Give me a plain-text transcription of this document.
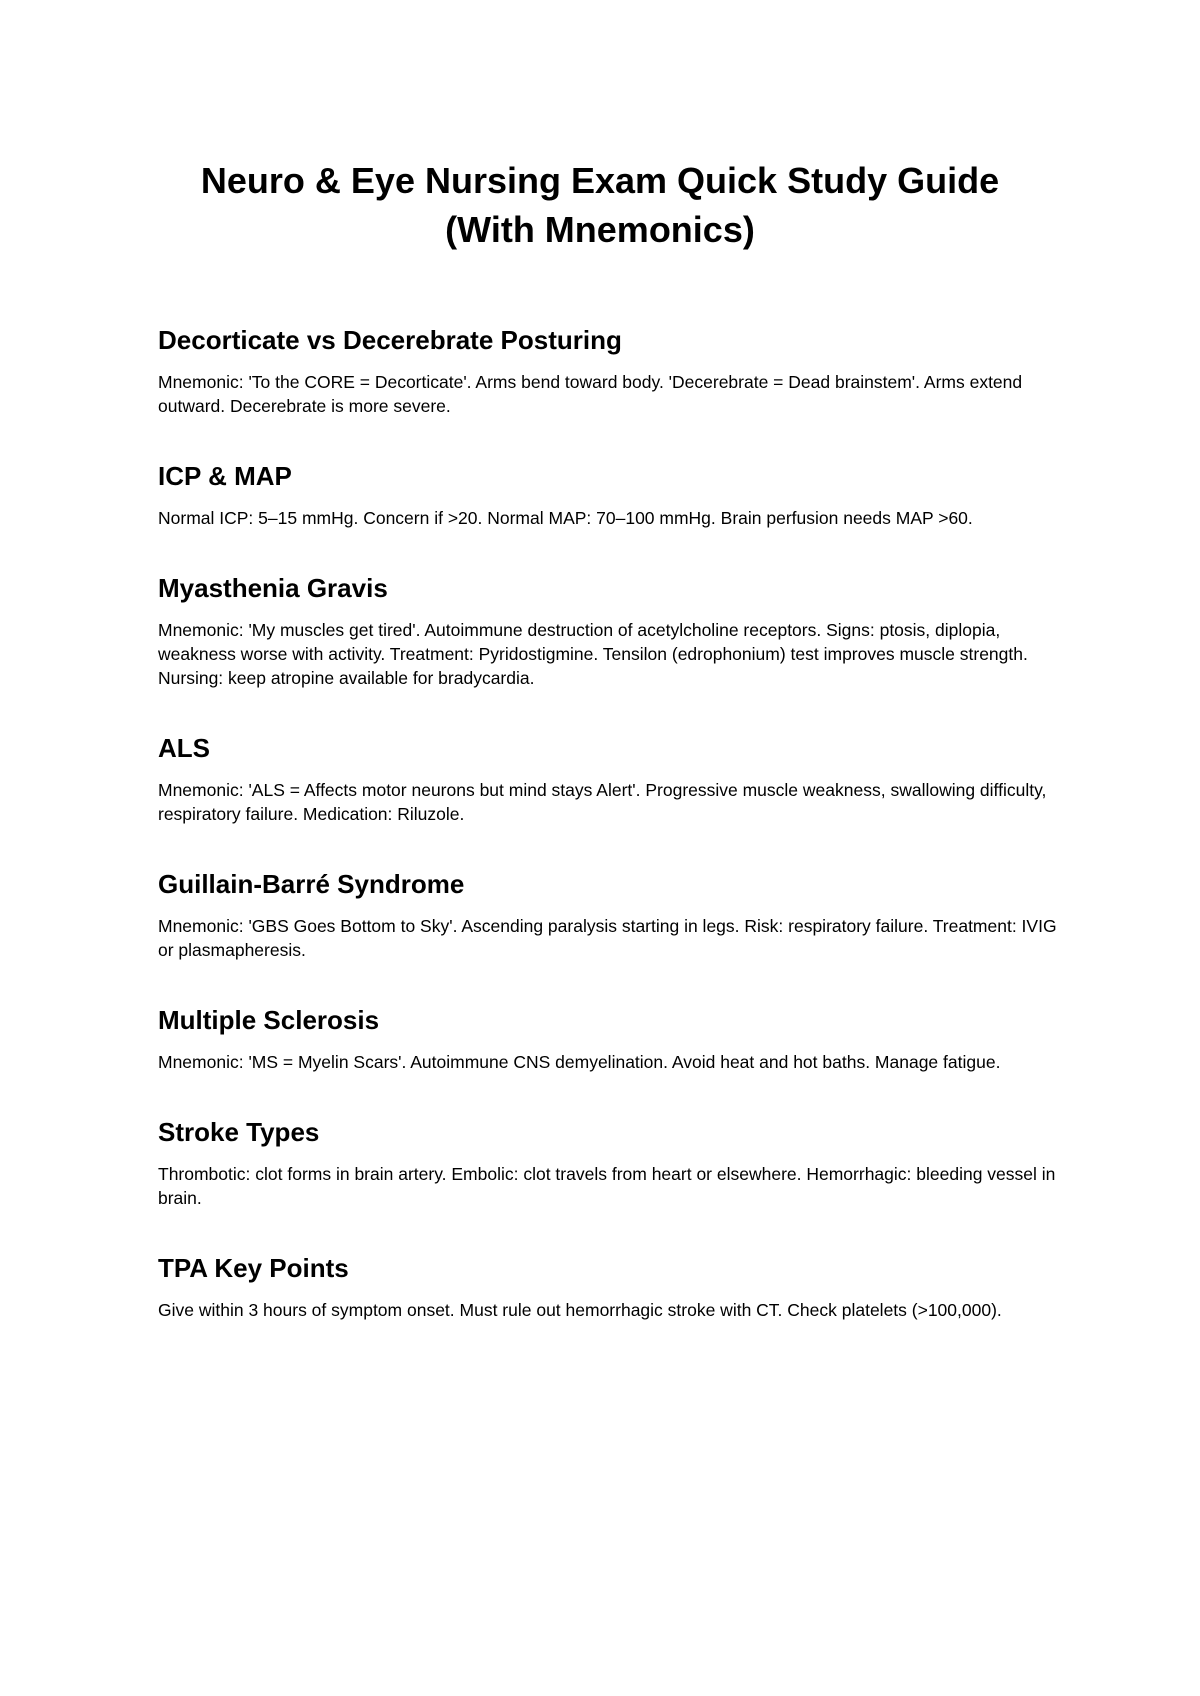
Neuro & Eye Nursing Exam Quick Study Guide
(With Mnemonics)
Decorticate vs Decerebrate Posturing

Mnemonic: 'To the CORE = Decorticate'. Arms bend toward body. 'Decerebrate = Dead brainstem'. Arms extend outward. Decerebrate is more severe.

ICP & MAP

Normal ICP: 5–15 mmHg. Concern if >20. Normal MAP: 70–100 mmHg. Brain perfusion needs MAP >60.

Myasthenia Gravis

Mnemonic: 'My muscles get tired'. Autoimmune destruction of acetylcholine receptors. Signs: ptosis, diplopia, weakness worse with activity. Treatment: Pyridostigmine. Tensilon (edrophonium) test improves muscle strength. Nursing: keep atropine available for bradycardia.

ALS

Mnemonic: 'ALS = Affects motor neurons but mind stays Alert'. Progressive muscle weakness, swallowing difficulty, respiratory failure. Medication: Riluzole.

Guillain-Barré Syndrome

Mnemonic: 'GBS Goes Bottom to Sky'. Ascending paralysis starting in legs. Risk: respiratory failure. Treatment: IVIG or plasmapheresis.

Multiple Sclerosis

Mnemonic: 'MS = Myelin Scars'. Autoimmune CNS demyelination. Avoid heat and hot baths. Manage fatigue.

Stroke Types

Thrombotic: clot forms in brain artery. Embolic: clot travels from heart or elsewhere. Hemorrhagic: bleeding vessel in brain.

TPA Key Points

Give within 3 hours of symptom onset. Must rule out hemorrhagic stroke with CT. Check platelets (>100,000).
